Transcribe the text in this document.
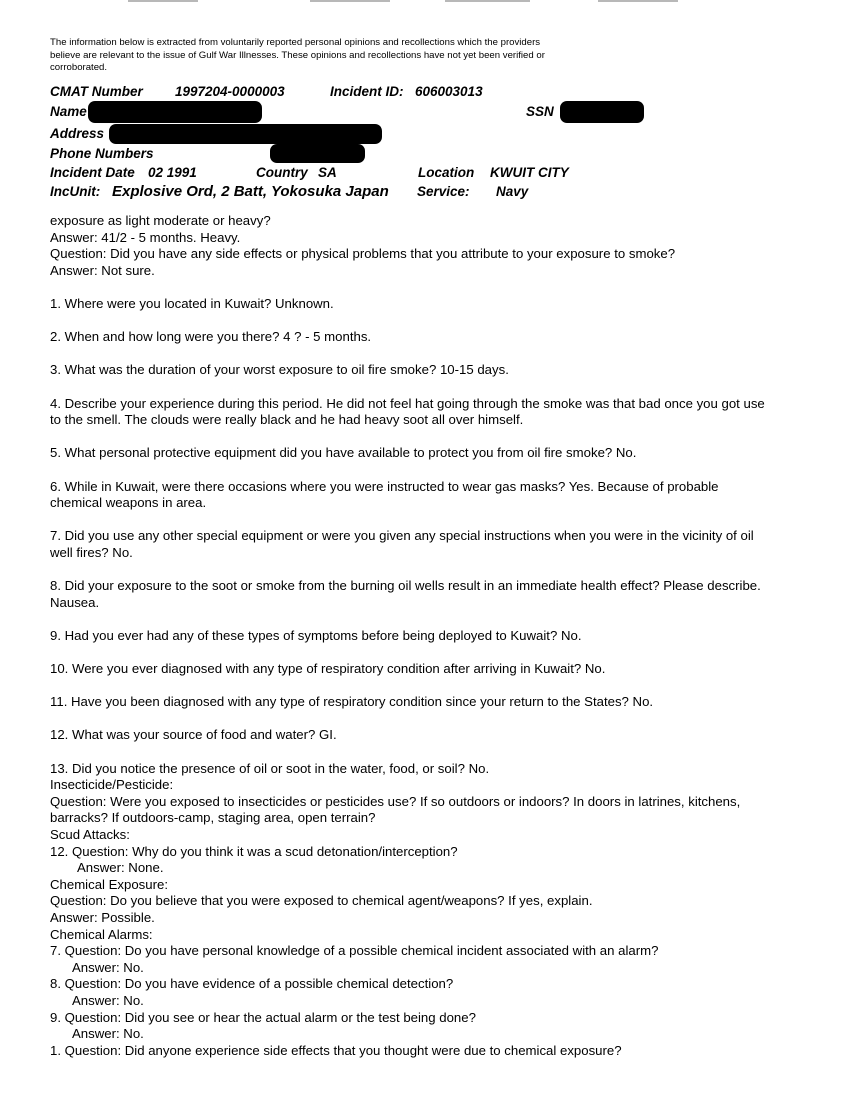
The information below is extracted from voluntarily reported personal opinions and recollections which the providers believe are relevant to the issue of Gulf War Illnesses. These opinions and recollections have not yet been verified or corroborated.
CMAT Number 1997204-0000003	Incident ID: 606003013
Name	SSN
Address
Phone Numbers
Incident Date 02 1991	Country SA	Location KWUIT CITY
IncUnit: Explosive Ord, 2 Batt, Yokosuka Japan Service: Navy

exposure as light moderate or heavy?

Answer: 41/2 - 5 months. Heavy.

Question: Did you have any side effects or physical problems that you attribute to your exposure to smoke?

Answer: Not sure.

1. Where were you located in Kuwait? Unknown.

2. When and how long were you there? 4 ? - 5 months.

3. What was the duration of your worst exposure to oil fire smoke? 10-15 days.

4. Describe your experience during this period. He did not feel hat going through the smoke was that bad once you got use to the smell. The clouds were really black and he had heavy soot all over himself.

5. What personal protective equipment did you have available to protect you from oil fire smoke? No.

6. While in Kuwait, were there occasions where you were instructed to wear gas masks? Yes. Because of probable chemical weapons in area.

7. Did you use any other special equipment or were you given any special instructions when you were in the vicinity of oil well fires? No.

8. Did your exposure to the soot or smoke from the burning oil wells result in an immediate health effect? Please describe. Nausea.

9. Had you ever had any of these types of symptoms before being deployed to Kuwait? No.

10. Were you ever diagnosed with any type of respiratory condition after arriving in Kuwait? No.

11. Have you been diagnosed with any type of respiratory condition since your return to the States? No.

12. What was your source of food and water? GI.

13. Did you notice the presence of oil or soot in the water, food, or soil? No.

Insecticide/Pesticide:

Question: Were you exposed to insecticides or pesticides use? If so outdoors or indoors? In doors in latrines, kitchens, barracks? If outdoors-camp, staging area, open terrain?

Scud Attacks:

12. Question: Why do you think it was a scud detonation/interception?

Answer: None.

Chemical Exposure:

Question: Do you believe that you were exposed to chemical agent/weapons? If yes, explain.

Answer: Possible.

Chemical Alarms:

7. Question: Do you have personal knowledge of a possible chemical incident associated with an alarm?

Answer: No.

8. Question: Do you have evidence of a possible chemical detection?

Answer: No.

9. Question: Did you see or hear the actual alarm or the test being done?

Answer: No.

1. Question: Did anyone experience side effects that you thought were due to chemical exposure?
